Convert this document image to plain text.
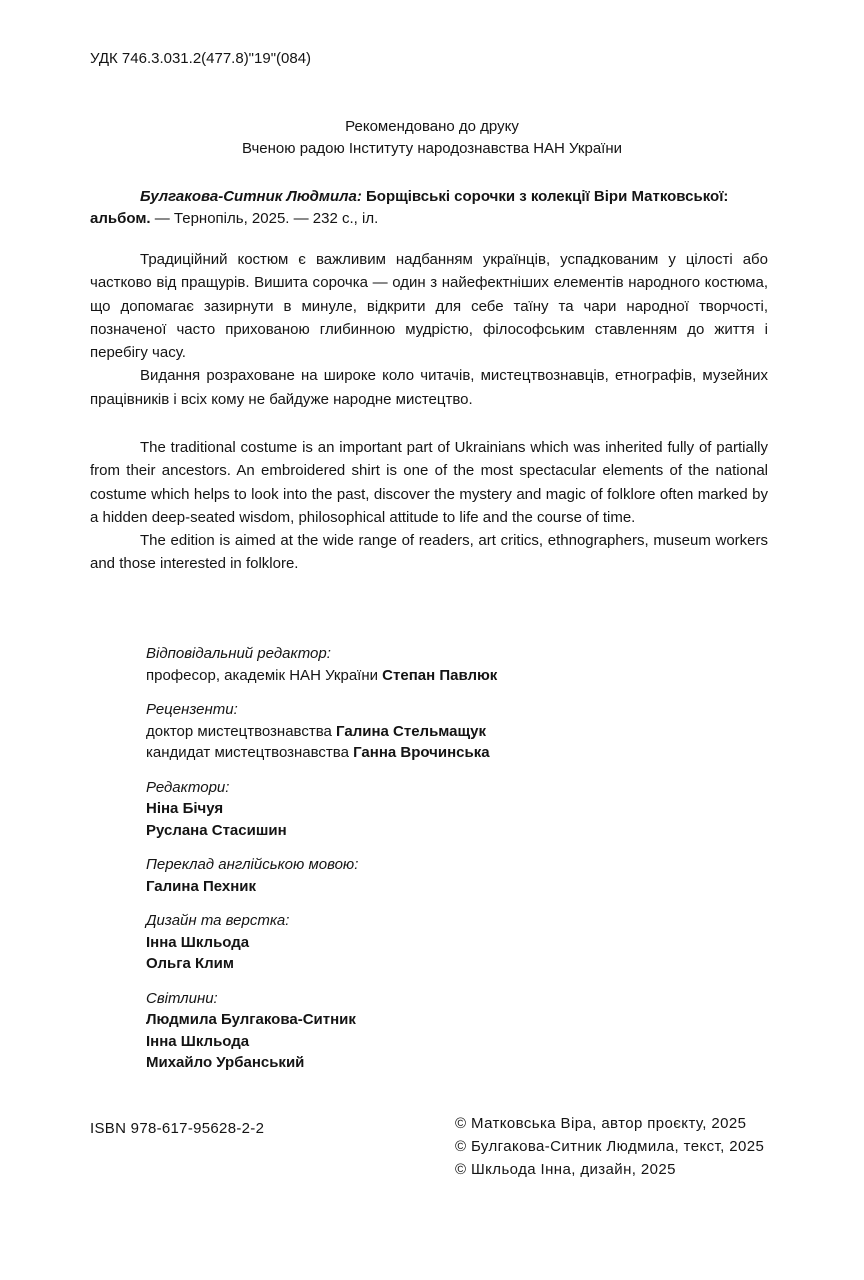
УДК 746.3.031.2(477.8)"19"(084)
Рекомендовано до друку
Вченою радою Інституту народознавства НАН України
Булгакова-Ситник Людмила: Борщівські сорочки з колекції Віри Матковської:
альбом. — Тернопіль, 2025. — 232 с., іл.

Традиційний костюм є важливим надбанням українців, успадкованим у цілості або частково від пращурів. Вишита сорочка — один з найефектніших елементів народного костюма, що допомагає зазирнути в минуле, відкрити для себе таїну та чари народної творчості, позначеної часто прихованою глибинною мудрістю, філософським ставленням до життя і перебігу часу.

Видання розраховане на широке коло читачів, мистецтвознавців, етнографів, музейних працівників і всіх кому не байдуже народне мистецтво.

The traditional costume is an important part of Ukrainians which was inherited fully of partially from their ancestors. An embroidered shirt is one of the most spectacular elements of the national costume which helps to look into the past, discover the mystery and magic of folklore often marked by a hidden deep-seated wisdom, philosophical attitude to life and the course of time.

The edition is aimed at the wide range of readers, art critics, ethnographers, museum workers and those interested in folklore.

Відповідальний редактор:
професор, академік НАН України Степан Павлюк
Рецензенти:
доктор мистецтвознавства Галина Стельмащук
кандидат мистецтвознавства Ганна Врочинська
Редактори:
Ніна Бічуя
Руслана Стасишин
Переклад англійською мовою:
Галина Пехник
Дизайн та верстка:
Інна Шкльода
Ольга Клим
Світлини:
Людмила Булгакова-Ситник
Інна Шкльода
Михайло Урбанський
ISBN 978-617-95628-2-2	© Матковська Віра, автор проєкту, 2025
© Булгакова-Ситник Людмила, текст, 2025
© Шкльода Інна, дизайн, 2025
